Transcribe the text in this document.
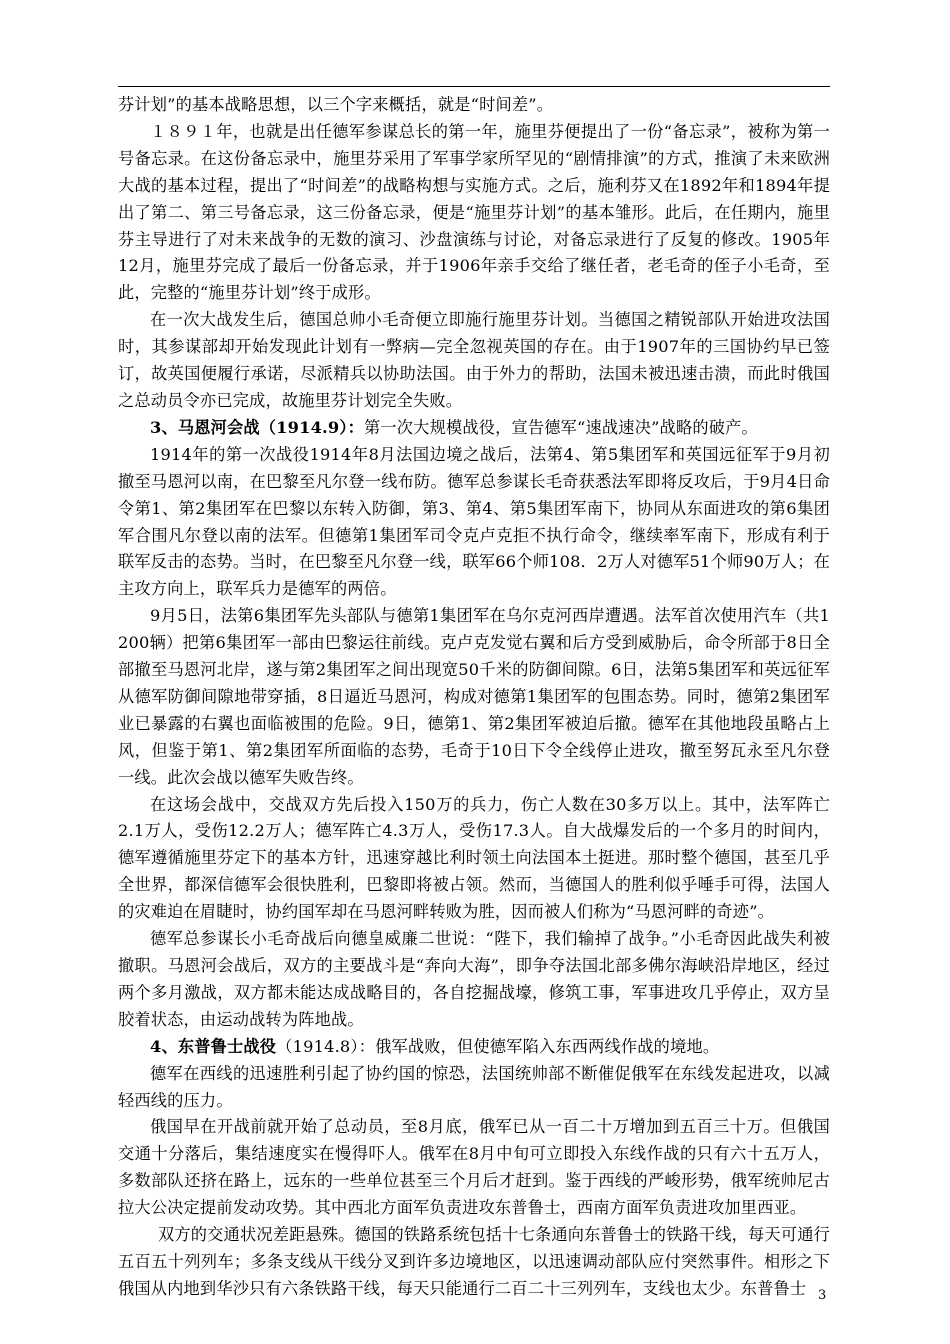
芬计划”的基本战略思想，以三个字来概括，就是“时间差”。

１８９１年，也就是出任德军参谋总长的第一年，施里芬便提出了一份“备忘录”，被称为第一号备忘录。在这份备忘录中，施里芬采用了军事学家所罕见的“剧情排演”的方式，推演了未来欧洲大战的基本过程，提出了“时间差”的战略构想与实施方式。之后，施利芬又在1892年和1894年提出了第二、第三号备忘录，这三份备忘录，便是“施里芬计划”的基本雏形。此后，在任期内，施里芬主导进行了对未来战争的无数的演习、沙盘演练与讨论，对备忘录进行了反复的修改。1905年12月，施里芬完成了最后一份备忘录，并于1906年亲手交给了继任者，老毛奇的侄子小毛奇，至此，完整的“施里芬计划”终于成形。

在一次大战发生后，德国总帅小毛奇便立即施行施里芬计划。当德国之精锐部队开始进攻法国时，其参谋部却开始发现此计划有一弊病—完全忽视英国的存在。由于1907年的三国协约早已签订，故英国便履行承诺，尽派精兵以协助法国。由于外力的帮助，法国未被迅速击溃，而此时俄国之总动员令亦已完成，故施里芬计划完全失败。

3、马恩河会战（1914.9）：第一次大规模战役，宣告德军“速战速决”战略的破产。

1914年的第一次战役1914年8月法国边境之战后，法第4、第5集团军和英国远征军于9月初撤至马恩河以南，在巴黎至凡尔登一线布防。德军总参谋长毛奇获悉法军即将反攻后，于9月4日命令第1、第2集团军在巴黎以东转入防御，第3、第4、第5集团军南下，协同从东面进攻的第6集团军合围凡尔登以南的法军。但德第1集团军司令克卢克拒不执行命令，继续率军南下，形成有利于联军反击的态势。当时，在巴黎至凡尔登一线，联军66个师108．2万人对德军51个师90万人；在主攻方向上，联军兵力是德军的两倍。

9月5日，法第6集团军先头部队与德第1集团军在乌尔克河西岸遭遇。法军首次使用汽车（共1 200辆）把第6集团军一部由巴黎运往前线。克卢克发觉右翼和后方受到威胁后，命令所部于8日全部撤至马恩河北岸，遂与第2集团军之间出现宽50千米的防御间隙。6日，法第5集团军和英远征军从德军防御间隙地带穿插，8日逼近马恩河，构成对德第1集团军的包围态势。同时，德第2集团军业已暴露的右翼也面临被围的危险。9日，德第1、第2集团军被迫后撤。德军在其他地段虽略占上风，但鉴于第1、第2集团军所面临的态势，毛奇于10日下令全线停止进攻，撤至努瓦永至凡尔登一线。此次会战以德军失败告终。

在这场会战中，交战双方先后投入150万的兵力，伤亡人数在30多万以上。其中，法军阵亡2.1万人，受伤12.2万人；德军阵亡4.3万人，受伤17.3人。自大战爆发后的一个多月的时间内，德军遵循施里芬定下的基本方针，迅速穿越比利时领土向法国本土挺进。那时整个德国，甚至几乎全世界，都深信德军会很快胜利，巴黎即将被占领。然而，当德国人的胜利似乎唾手可得，法国人的灾难迫在眉睫时，协约国军却在马恩河畔转败为胜，因而被人们称为“马恩河畔的奇迹”。

德军总参谋长小毛奇战后向德皇威廉二世说：“陛下，我们输掉了战争。”小毛奇因此战失利被撤职。马恩河会战后，双方的主要战斗是“奔向大海”，即争夺法国北部多佛尔海峡沿岸地区，经过两个多月激战，双方都未能达成战略目的，各自挖掘战壕，修筑工事，军事进攻几乎停止，双方呈胶着状态，由运动战转为阵地战。

4、东普鲁士战役（1914.8）：俄军战败，但使德军陷入东西两线作战的境地。

德军在西线的迅速胜利引起了协约国的惊恐，法国统帅部不断催促俄军在东线发起进攻，以减轻西线的压力。

俄国早在开战前就开始了总动员，至8月底，俄军已从一百二十万增加到五百三十万。但俄国交通十分落后，集结速度实在慢得吓人。俄军在8月中旬可立即投入东线作战的只有六十五万人，多数部队还挤在路上，远东的一些单位甚至三个月后才赶到。鉴于西线的严峻形势，俄军统帅尼古拉大公决定提前发动攻势。其中西北方面军负责进攻东普鲁士，西南方面军负责进攻加里西亚。

双方的交通状况差距悬殊。德国的铁路系统包括十七条通向东普鲁士的铁路干线，每天可通行五百五十列列车；多条支线从干线分叉到许多边境地区，以迅速调动部队应付突然事件。相形之下俄国从内地到华沙只有六条铁路干线，每天只能通行二百二十三列列车，支线也太少。东普鲁士 3
